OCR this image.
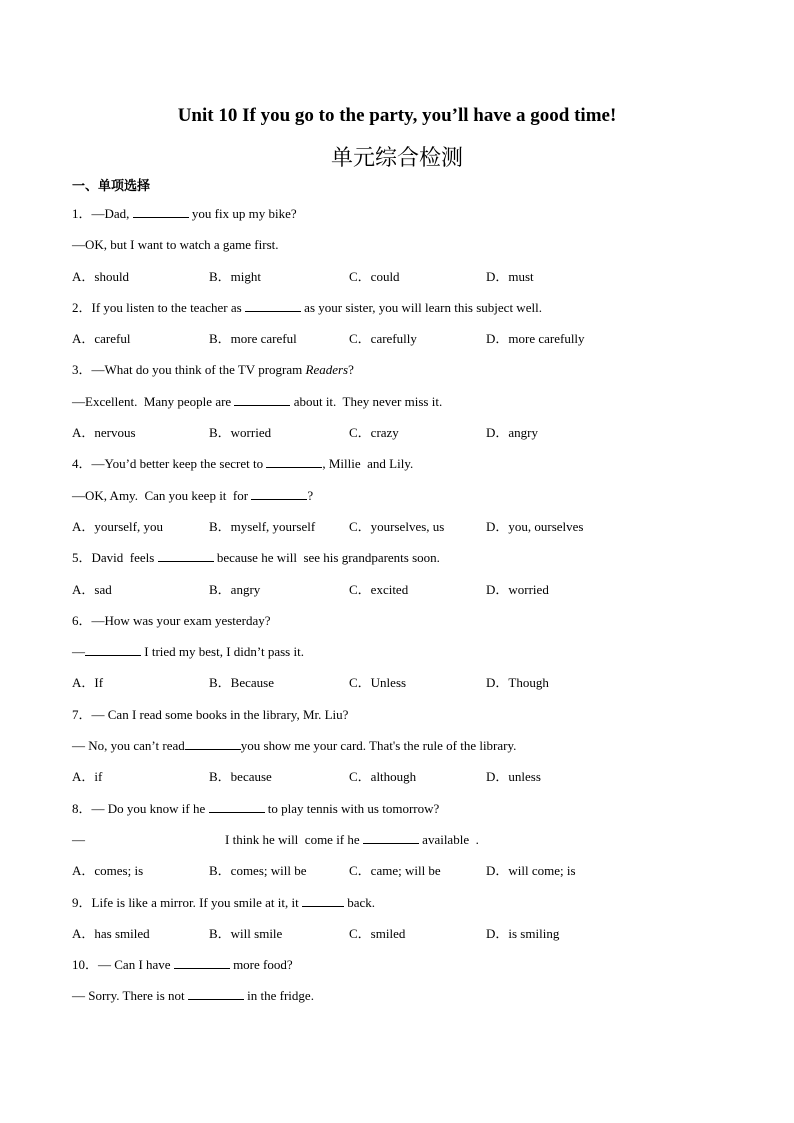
Unit 10 If you go to the party, you’ll have a good time!
单元综合检测
一、单项选择
1．—Dad,	you fix up my bike?
—OK, but I want to watch a game first.
A．should	B．might	C．could	D．must
2．If you listen to the teacher as	as your sister, you will learn this subject well.
A．careful	B．more careful	C．carefully	D．more carefully
3．—What do you think of the TV program Readers?
—Excellent.  Many people are	about it.  They never miss it.
A．nervous	B．worried	C．crazy	D．angry
4．—You’d better keep the secret to	, Millie  and Lily.
—OK, Amy.  Can you keep it  for	?
A．yourself, you	B．myself, yourself	C．yourselves, us	D．you, ourselves
5．David  feels	because he will  see his grandparents soon.
A．sad	B．angry	C．excited	D．worried
6．—How was your exam yesterday?
—	I tried my best, I didn’t pass it.
A．If	B．Because	C．Unless	D．Though
7．— Can I read some books in the library, Mr. Liu?
— No, you can’t read	you show me your card. That's the rule of the library.
A．if	B．because	C．although	D．unless
8．— Do you know if he	to play tennis with us tomorrow?
—	I think he will  come if he	available  .
A．comes; is	B．comes; will be	C．came; will be	D．will come; is
9．Life is like a mirror. If you smile at it, it	back.
A．has smiled	B．will smile	C．smiled	D．is smiling
10．— Can I have	more food?
— Sorry. There is not	in the fridge.
